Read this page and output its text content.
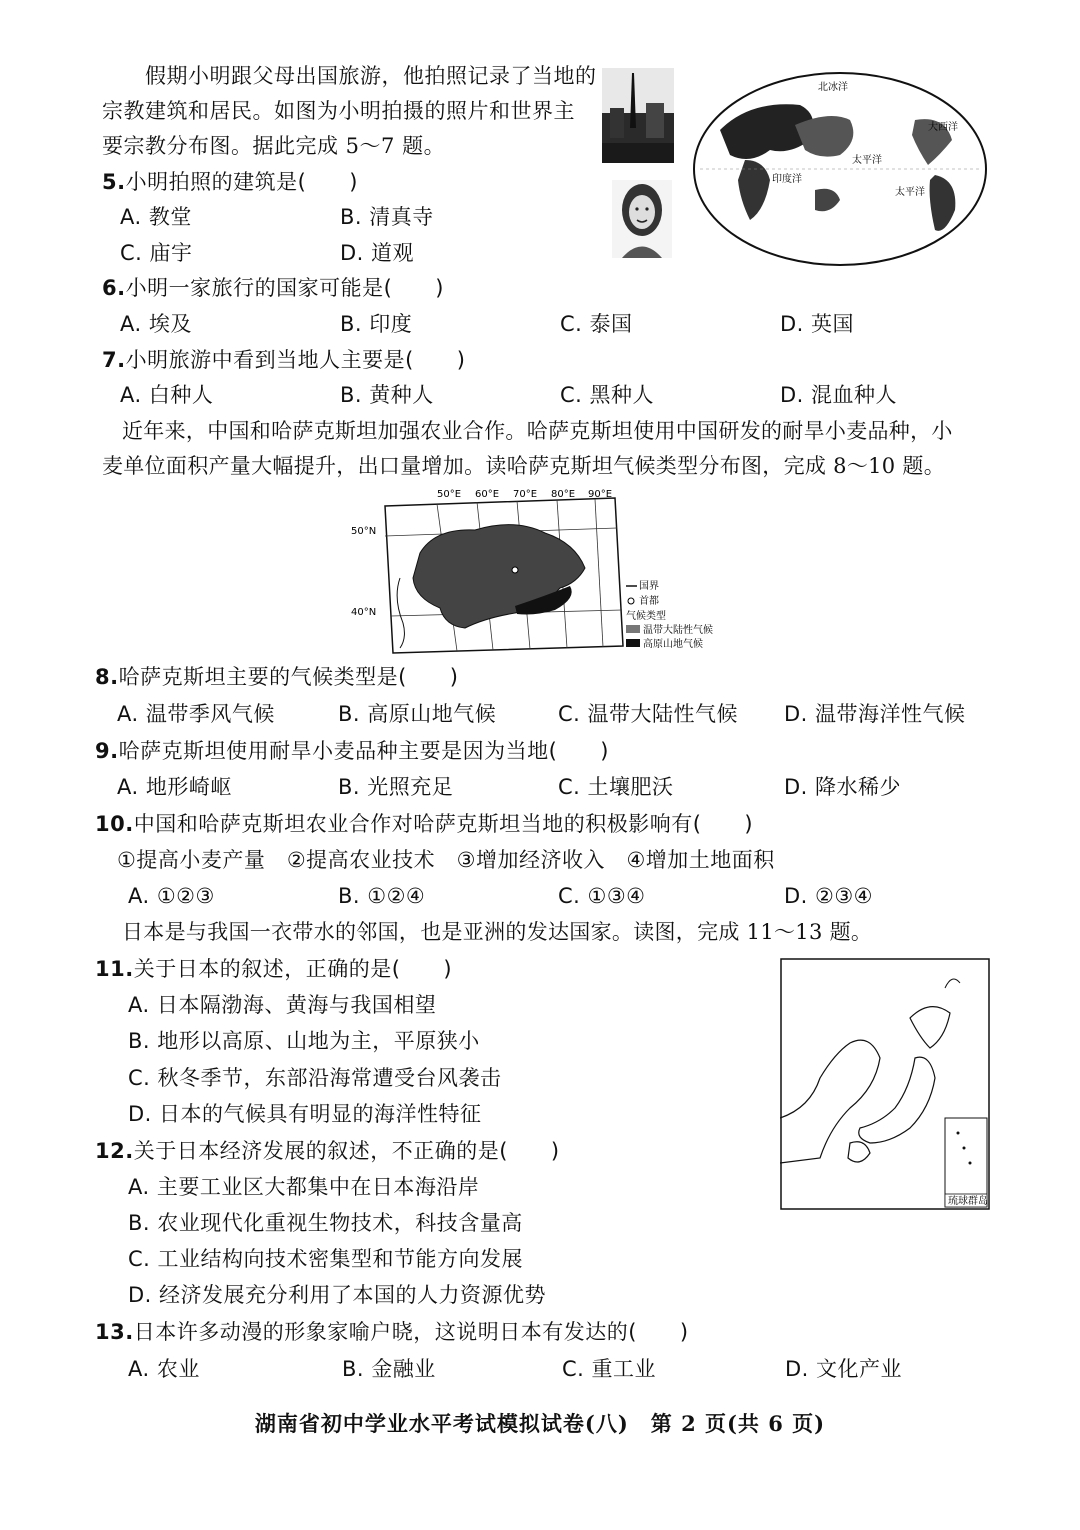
假期小明跟父母出国旅游，他拍照记录了当地的
宗教建筑和居民。如图为小明拍摄的照片和世界主
要宗教分布图。据此完成 5～7 题。
北冰洋
太平洋
印度洋
大西洋
太平洋
5.小明拍照的建筑是(　　)
A. 教堂	B. 清真寺
C. 庙宇	D. 道观
6.小明一家旅行的国家可能是(　　)
A. 埃及	B. 印度	C. 泰国	D. 英国
7.小明旅游中看到当地人主要是(　　)
A. 白种人	B. 黄种人	C. 黑种人	D. 混血种人
近年来，中国和哈萨克斯坦加强农业合作。哈萨克斯坦使用中国研发的耐旱小麦品种，小
麦单位面积产量大幅提升，出口量增加。读哈萨克斯坦气候类型分布图，完成 8～10 题。
50°E 60°E 70°E 80°E 90°E
50°N
40°N
国界
首都
气候类型
温带大陆性气候
高原山地气候
8.哈萨克斯坦主要的气候类型是(　　)
A. 温带季风气候	B. 高原山地气候	C. 温带大陆性气候 D. 温带海洋性气候
9.哈萨克斯坦使用耐旱小麦品种主要是因为当地(　　)
A. 地形崎岖	B. 光照充足	C. 土壤肥沃	D. 降水稀少
10.中国和哈萨克斯坦农业合作对哈萨克斯坦当地的积极影响有(　　)
①提高小麦产量　②提高农业技术　③增加经济收入　④增加土地面积
A. ①②③	B. ①②④	C. ①③④	D. ②③④
日本是与我国一衣带水的邻国，也是亚洲的发达国家。读图，完成 11～13 题。
琉球群岛
11.关于日本的叙述，正确的是(　　)
A. 日本隔渤海、黄海与我国相望
B. 地形以高原、山地为主，平原狭小
C. 秋冬季节，东部沿海常遭受台风袭击
D. 日本的气候具有明显的海洋性特征
12.关于日本经济发展的叙述，不正确的是(　　)
A. 主要工业区大都集中在日本海沿岸
B. 农业现代化重视生物技术，科技含量高
C. 工业结构向技术密集型和节能方向发展
D. 经济发展充分利用了本国的人力资源优势
13.日本许多动漫的形象家喻户晓，这说明日本有发达的(　　)
A. 农业	B. 金融业	C. 重工业	D. 文化产业
湖南省初中学业水平考试模拟试卷(八)　第 2 页(共 6 页)
